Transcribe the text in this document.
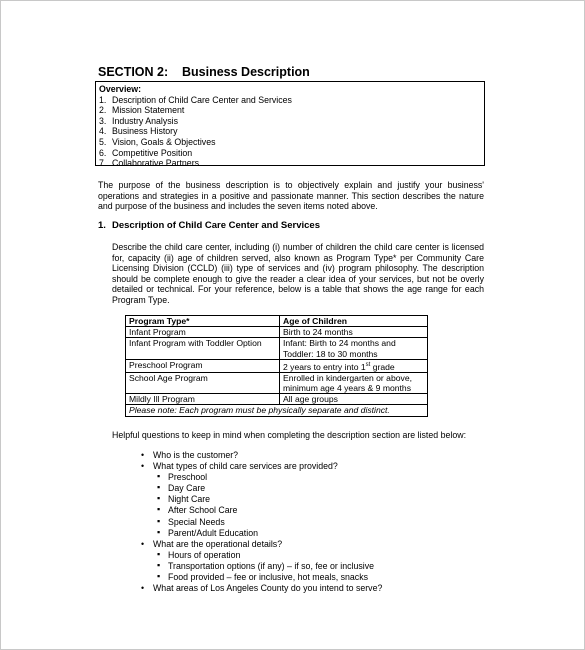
SECTION 2: Business Description
Overview:
1. Description of Child Care Center and Services
2. Mission Statement
3. Industry Analysis
4. Business History
5. Vision, Goals & Objectives
6. Competitive Position
7. Collaborative Partners
The purpose of the business description is to objectively explain and justify your business' operations and strategies in a positive and passionate manner. This section describes the nature and purpose of the business and includes the seven items noted above.
1. Description of Child Care Center and Services
Describe the child care center, including (i) number of children the child care center is licensed for, capacity (ii) age of children served, also known as Program Type* per Community Care Licensing Division (CCLD) (iii) type of services and (iv) program philosophy. The description should be complete enough to give the reader a clear idea of your services, but not be overly detailed or technical. For your reference, below is a table that shows the age range for each Program Type.
Program Type*	Age of Children
Infant Program	Birth to 24 months
Infant Program with Toddler Option	Infant: Birth to 24 months and Toddler: 18 to 30 months
Preschool Program	2 years to entry into 1st grade
School Age Program	Enrolled in kindergarten or above, minimum age 4 years & 9 months
Mildly Ill Program	All age groups
Please note: Each program must be physically separate and distinct.	
Helpful questions to keep in mind when completing the description section are listed below:
• Who is the customer?
• What types of child care services are provided?
▪ Preschool
▪ Day Care
▪ Night Care
▪ After School Care
▪ Special Needs
▪ Parent/Adult Education
• What are the operational details?
▪ Hours of operation
▪ Transportation options (if any) – if so, fee or inclusive
▪ Food provided – fee or inclusive, hot meals, snacks
• What areas of Los Angeles County do you intend to serve?
